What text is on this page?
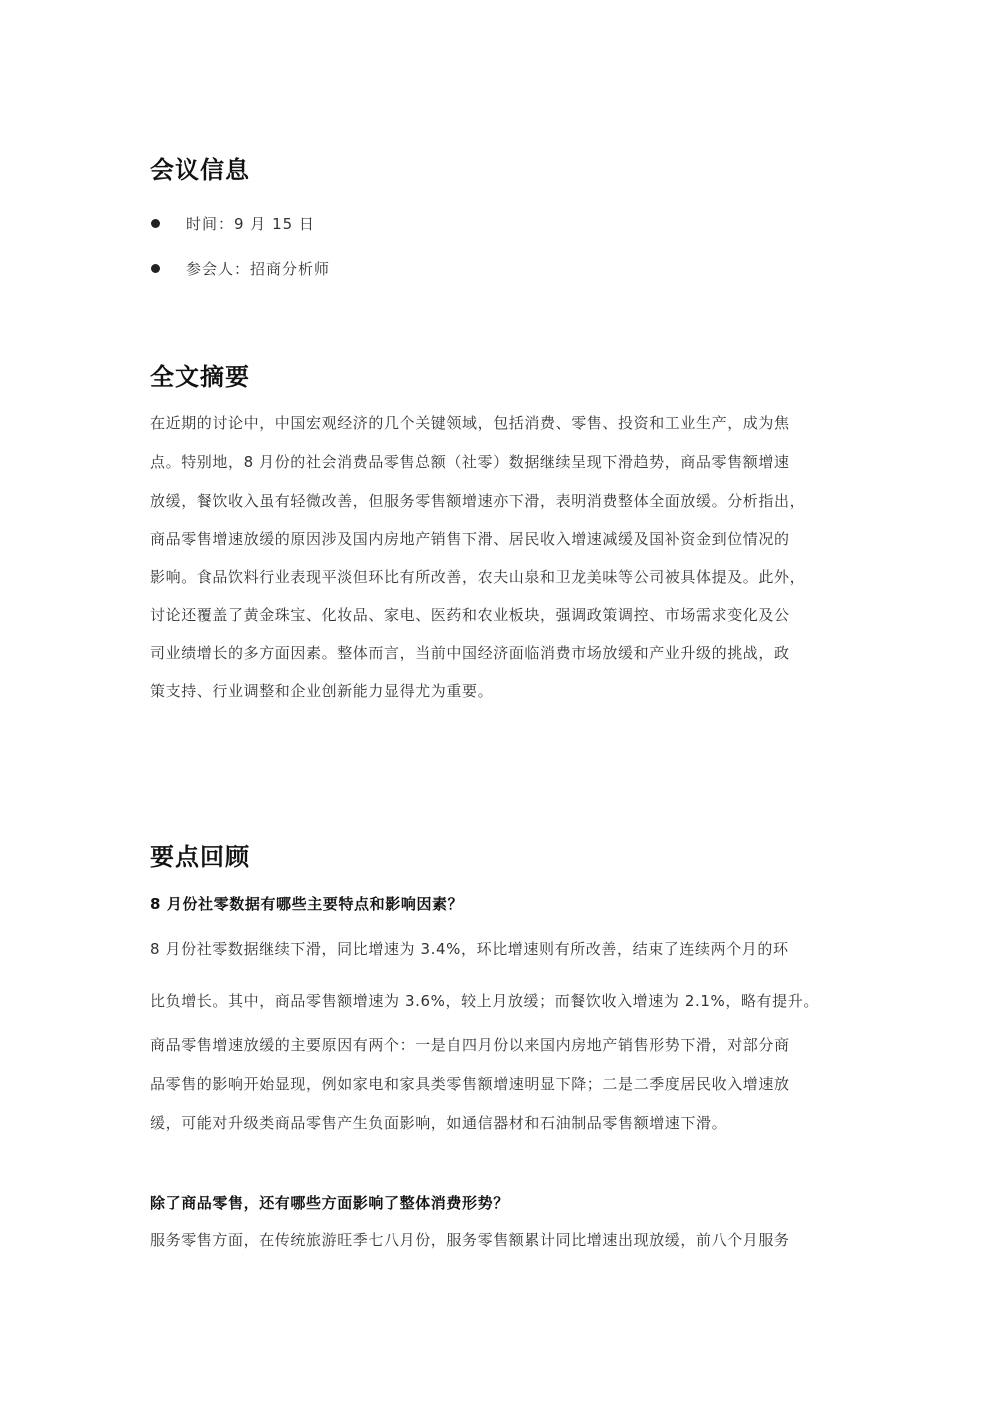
会议信息
时间：9 月 15 日
参会人：招商分析师
全文摘要
在近期的讨论中，中国宏观经济的几个关键领域，包括消费、零售、投资和工业生产，成为焦
点。特别地，8 月份的社会消费品零售总额（社零）数据继续呈现下滑趋势，商品零售额增速
放缓，餐饮收入虽有轻微改善，但服务零售额增速亦下滑，表明消费整体全面放缓。分析指出，
商品零售增速放缓的原因涉及国内房地产销售下滑、居民收入增速减缓及国补资金到位情况的
影响。食品饮料行业表现平淡但环比有所改善，农夫山泉和卫龙美味等公司被具体提及。此外，
讨论还覆盖了黄金珠宝、化妆品、家电、医药和农业板块，强调政策调控、市场需求变化及公
司业绩增长的多方面因素。整体而言，当前中国经济面临消费市场放缓和产业升级的挑战，政
策支持、行业调整和企业创新能力显得尤为重要。
要点回顾
8 月份社零数据有哪些主要特点和影响因素？
8 月份社零数据继续下滑，同比增速为 3.4%，环比增速则有所改善，结束了连续两个月的环
比负增长。其中，商品零售额增速为 3.6%，较上月放缓；而餐饮收入增速为 2.1%，略有提升。
商品零售增速放缓的主要原因有两个：一是自四月份以来国内房地产销售形势下滑，对部分商
品零售的影响开始显现，例如家电和家具类零售额增速明显下降；二是二季度居民收入增速放
缓，可能对升级类商品零售产生负面影响，如通信器材和石油制品零售额增速下滑。
除了商品零售，还有哪些方面影响了整体消费形势？
服务零售方面，在传统旅游旺季七八月份，服务零售额累计同比增速出现放缓，前八个月服务
